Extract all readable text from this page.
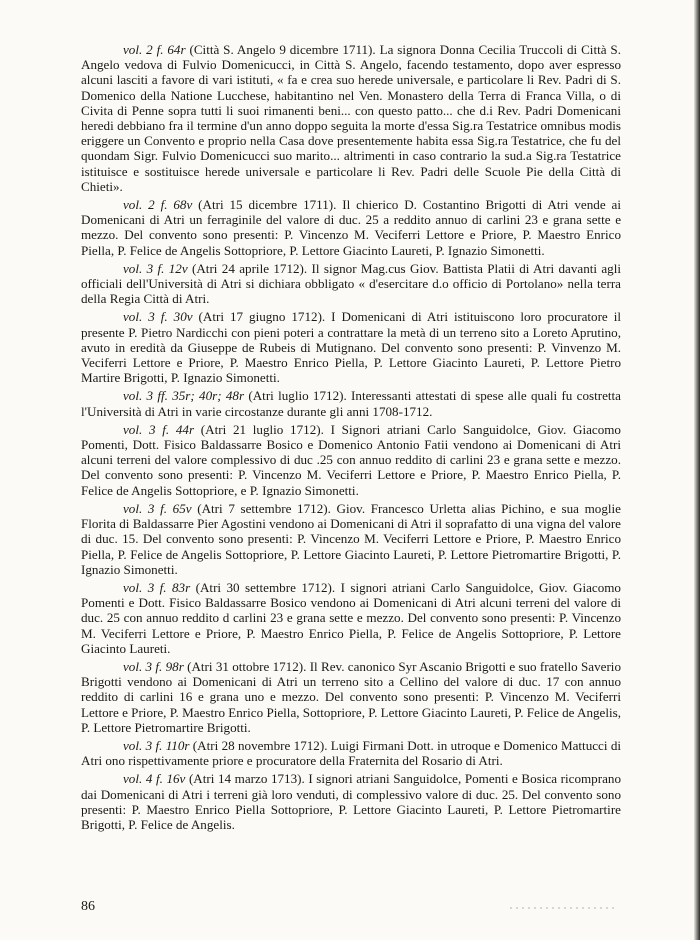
vol. 2 f. 64r (Città S. Angelo 9 dicembre 1711). La signora Donna Cecilia Truccoli di Città S. Angelo vedova di Fulvio Domenicucci, in Città S. Angelo, facendo testamento, dopo aver espresso alcuni lasciti a favore di vari istituti, « fa e crea suo herede universale, e particolare li Rev. Padri di S. Domenico della Natione Lucchese, habitantino nel Ven. Monastero della Terra di Franca Villa, o di Civita di Penne sopra tutti li suoi rimanenti beni... con questo patto... che d.i Rev. Padri Domenicani heredi debbiano fra il termine d'un anno doppo seguita la morte d'essa Sig.ra Testatrice omnibus modis eriggere un Convento e proprio nella Casa dove presentemente habita essa Sig.ra Testatrice, che fu del quondam Sigr. Fulvio Domenicucci suo marito... altrimenti in caso contrario la sud.a Sig.ra Testatrice istituisce e sostituisce herede universale e particolare li Rev. Padri delle Scuole Pie della Città di Chieti».

vol. 2 f. 68v (Atri 15 dicembre 1711). Il chierico D. Costantino Brigotti di Atri vende ai Domenicani di Atri un ferraginile del valore di duc. 25 a reddito annuo di carlini 23 e grana sette e mezzo. Del convento sono presenti: P. Vincenzo M. Veciferri Lettore e Priore, P. Maestro Enrico Piella, P. Felice de Angelis Sottopriore, P. Lettore Giacinto Laureti, P. Ignazio Simonetti.

vol. 3 f. 12v (Atri 24 aprile 1712). Il signor Mag.cus Giov. Battista Platii di Atri davanti agli officiali dell'Università di Atri si dichiara obbligato « d'esercitare d.o officio di Portolano» nella terra della Regia Città di Atri.

vol. 3 f. 30v (Atri 17 giugno 1712). I Domenicani di Atri istituiscono loro procuratore il presente P. Pietro Nardicchi con pieni poteri a contrattare la metà di un terreno sito a Loreto Aprutino, avuto in eredità da Giuseppe de Rubeis di Mutignano. Del convento sono presenti: P. Vinvenzo M. Veciferri Lettore e Priore, P. Maestro Enrico Piella, P. Lettore Giacinto Laureti, P. Lettore Pietro Martire Brigotti, P. Ignazio Simonetti.

vol. 3 ff. 35r; 40r; 48r (Atri luglio 1712). Interessanti attestati di spese alle quali fu costretta l'Università di Atri in varie circostanze durante gli anni 1708-1712.

vol. 3 f. 44r (Atri 21 luglio 1712). I Signori atriani Carlo Sanguidolce, Giov. Giacomo Pomenti, Dott. Fisico Baldassarre Bosico e Domenico Antonio Fatii vendono ai Domenicani di Atri alcuni terreni del valore complessivo di duc .25 con annuo reddito di carlini 23 e grana sette e mezzo. Del convento sono presenti: P. Vincenzo M. Veciferri Lettore e Priore, P. Maestro Enrico Piella, P. Felice de Angelis Sottopriore, e P. Ignazio Simonetti.

vol. 3 f. 65v (Atri 7 settembre 1712). Giov. Francesco Urletta alias Pichino, e sua moglie Florita di Baldassarre Pier Agostini vendono ai Domenicani di Atri il soprafatto di una vigna del valore di duc. 15. Del convento sono presenti: P. Vincenzo M. Veciferri Lettore e Priore, P. Maestro Enrico Piella, P. Felice de Angelis Sottopriore, P. Lettore Giacinto Laureti, P. Lettore Pietromartire Brigotti, P. Ignazio Simonetti.

vol. 3 f. 83r (Atri 30 settembre 1712). I signori atriani Carlo Sanguidolce, Giov. Giacomo Pomenti e Dott. Fisico Baldassarre Bosico vendono ai Domenicani di Atri alcuni terreni del valore di duc. 25 con annuo reddito d carlini 23 e grana sette e mezzo. Del convento sono presenti: P. Vincenzo M. Veciferri Lettore e Priore, P. Maestro Enrico Piella, P. Felice de Angelis Sottopriore, P. Lettore Giacinto Laureti.

vol. 3 f. 98r (Atri 31 ottobre 1712). Il Rev. canonico Syr Ascanio Brigotti e suo fratello Saverio Brigotti vendono ai Domenicani di Atri un terreno sito a Cellino del valore di duc. 17 con annuo reddito di carlini 16 e grana uno e mezzo. Del convento sono presenti: P. Vincenzo M. Veciferri Lettore e Priore, P. Maestro Enrico Piella, Sottopriore, P. Lettore Giacinto Laureti, P. Felice de Angelis, P. Lettore Pietromartire Brigotti.

vol. 3 f. 110r (Atri 28 novembre 1712). Luigi Firmani Dott. in utroque e Domenico Mattucci di Atri ono rispettivamente priore e procuratore della Fraternita del Rosario di Atri.

vol. 4 f. 16v (Atri 14 marzo 1713). I signori atriani Sanguidolce, Pomenti e Bosica ricomprano dai Domenicani di Atri i terreni già loro venduti, di complessivo valore di duc. 25. Del convento sono presenti: P. Maestro Enrico Piella Sottopriore, P. Lettore Giacinto Laureti, P. Lettore Pietromartire Brigotti, P. Felice de Angelis.

86
